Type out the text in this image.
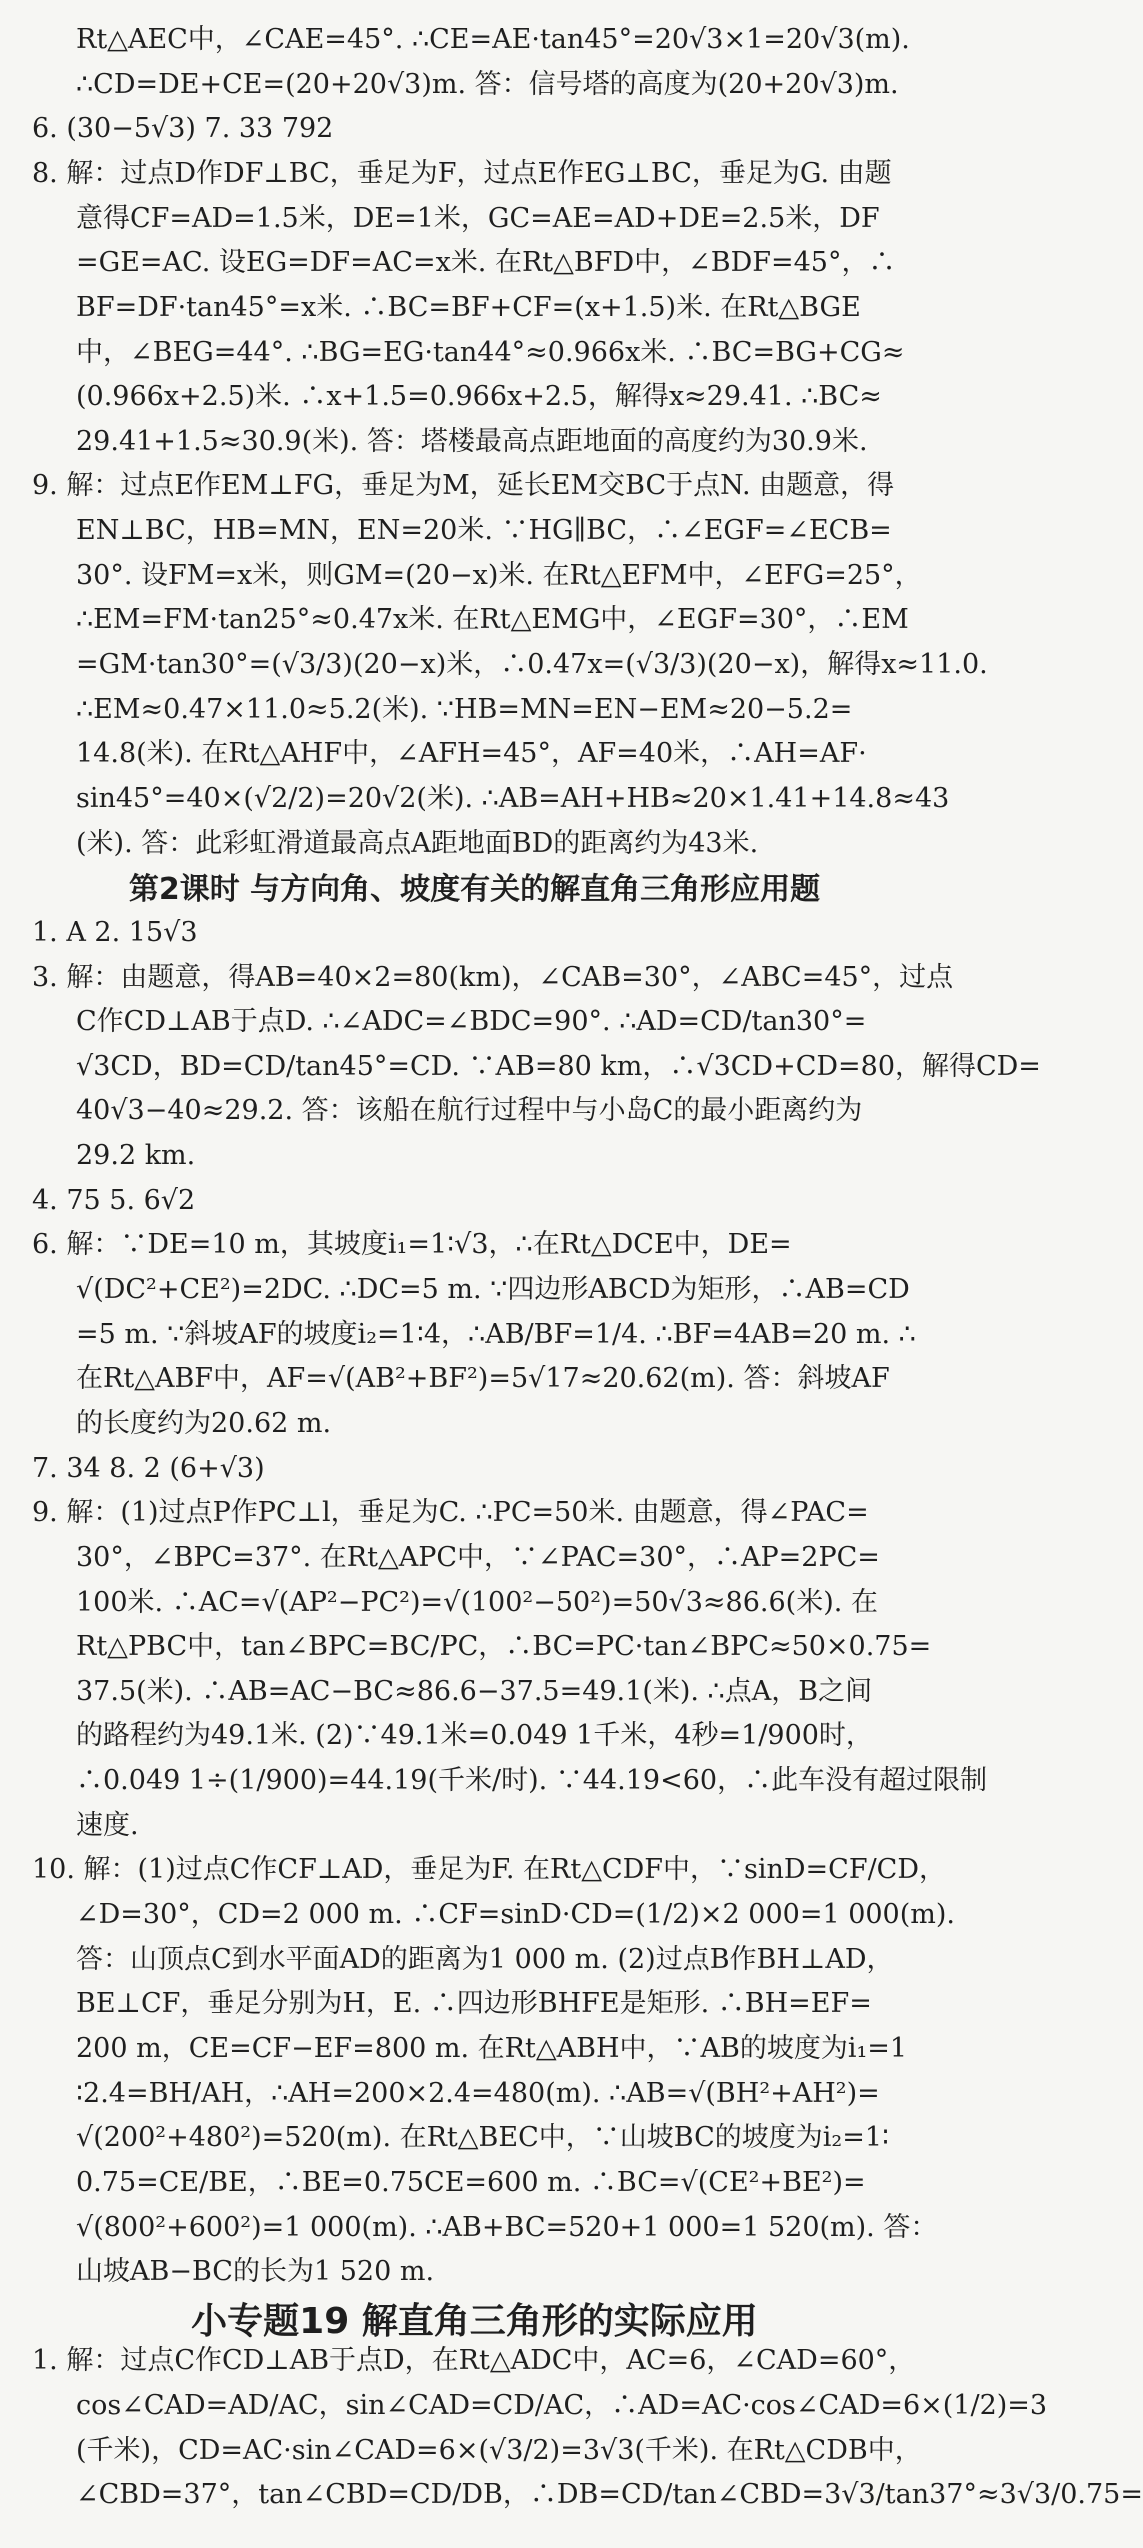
Rt△AEC中，∠CAE=45°. ∴CE=AE·tan45°=20√3×1=20√3(m).
∴CD=DE+CE=(20+20√3)m. 答：信号塔的高度为(20+20√3)m.
6. (30−5√3) 7. 33 792
8. 解：过点D作DF⊥BC，垂足为F，过点E作EG⊥BC，垂足为G. 由题
意得CF=AD=1.5米，DE=1米，GC=AE=AD+DE=2.5米，DF
=GE=AC. 设EG=DF=AC=x米. 在Rt△BFD中，∠BDF=45°，∴
BF=DF·tan45°=x米. ∴BC=BF+CF=(x+1.5)米. 在Rt△BGE
中，∠BEG=44°. ∴BG=EG·tan44°≈0.966x米. ∴BC=BG+CG≈
(0.966x+2.5)米. ∴x+1.5=0.966x+2.5，解得x≈29.41. ∴BC≈
29.41+1.5≈30.9(米). 答：塔楼最高点距地面的高度约为30.9米.
9. 解：过点E作EM⊥FG，垂足为M，延长EM交BC于点N. 由题意，得
EN⊥BC，HB=MN，EN=20米. ∵HG∥BC，∴∠EGF=∠ECB=
30°. 设FM=x米，则GM=(20−x)米. 在Rt△EFM中，∠EFG=25°，
∴EM=FM·tan25°≈0.47x米. 在Rt△EMG中，∠EGF=30°，∴EM
=GM·tan30°=(√3/3)(20−x)米，∴0.47x=(√3/3)(20−x)，解得x≈11.0.
∴EM≈0.47×11.0≈5.2(米). ∵HB=MN=EN−EM≈20−5.2=
14.8(米). 在Rt△AHF中，∠AFH=45°，AF=40米，∴AH=AF·
sin45°=40×(√2/2)=20√2(米). ∴AB=AH+HB≈20×1.41+14.8≈43
(米). 答：此彩虹滑道最高点A距地面BD的距离约为43米.
第2课时 与方向角、坡度有关的解直角三角形应用题
1. A 2. 15√3
3. 解：由题意，得AB=40×2=80(km)，∠CAB=30°，∠ABC=45°，过点
C作CD⊥AB于点D. ∴∠ADC=∠BDC=90°. ∴AD=CD/tan30°=
√3CD，BD=CD/tan45°=CD. ∵AB=80 km，∴√3CD+CD=80，解得CD=
40√3−40≈29.2. 答：该船在航行过程中与小岛C的最小距离约为
29.2 km.
4. 75 5. 6√2
6. 解：∵DE=10 m，其坡度i₁=1∶√3，∴在Rt△DCE中，DE=
√(DC²+CE²)=2DC. ∴DC=5 m. ∵四边形ABCD为矩形，∴AB=CD
=5 m. ∵斜坡AF的坡度i₂=1∶4，∴AB/BF=1/4. ∴BF=4AB=20 m. ∴
在Rt△ABF中，AF=√(AB²+BF²)=5√17≈20.62(m). 答：斜坡AF
的长度约为20.62 m.
7. 34 8. 2 (6+√3)
9. 解：(1)过点P作PC⊥l，垂足为C. ∴PC=50米. 由题意，得∠PAC=
30°，∠BPC=37°. 在Rt△APC中，∵∠PAC=30°，∴AP=2PC=
100米. ∴AC=√(AP²−PC²)=√(100²−50²)=50√3≈86.6(米). 在
Rt△PBC中，tan∠BPC=BC/PC，∴BC=PC·tan∠BPC≈50×0.75=
37.5(米). ∴AB=AC−BC≈86.6−37.5=49.1(米). ∴点A，B之间
的路程约为49.1米. (2)∵49.1米=0.049 1千米，4秒=1/900时，
∴0.049 1÷(1/900)=44.19(千米/时). ∵44.19<60，∴此车没有超过限制
速度.
10. 解：(1)过点C作CF⊥AD，垂足为F. 在Rt△CDF中，∵sinD=CF/CD，
∠D=30°，CD=2 000 m. ∴CF=sinD·CD=(1/2)×2 000=1 000(m).
答：山顶点C到水平面AD的距离为1 000 m. (2)过点B作BH⊥AD，
BE⊥CF，垂足分别为H，E. ∴四边形BHFE是矩形. ∴BH=EF=
200 m，CE=CF−EF=800 m. 在Rt△ABH中，∵AB的坡度为i₁=1
∶2.4=BH/AH，∴AH=200×2.4=480(m). ∴AB=√(BH²+AH²)=
√(200²+480²)=520(m). 在Rt△BEC中，∵山坡BC的坡度为i₂=1∶
0.75=CE/BE，∴BE=0.75CE=600 m. ∴BC=√(CE²+BE²)=
√(800²+600²)=1 000(m). ∴AB+BC=520+1 000=1 520(m). 答：
山坡AB−BC的长为1 520 m.
小专题19 解直角三角形的实际应用
1. 解：过点C作CD⊥AB于点D，在Rt△ADC中，AC=6，∠CAD=60°，
cos∠CAD=AD/AC，sin∠CAD=CD/AC，∴AD=AC·cos∠CAD=6×(1/2)=3
(千米)，CD=AC·sin∠CAD=6×(√3/2)=3√3(千米). 在Rt△CDB中，
∠CBD=37°，tan∠CBD=CD/DB，∴DB=CD/tan∠CBD=3√3/tan37°≈3√3/0.75=
